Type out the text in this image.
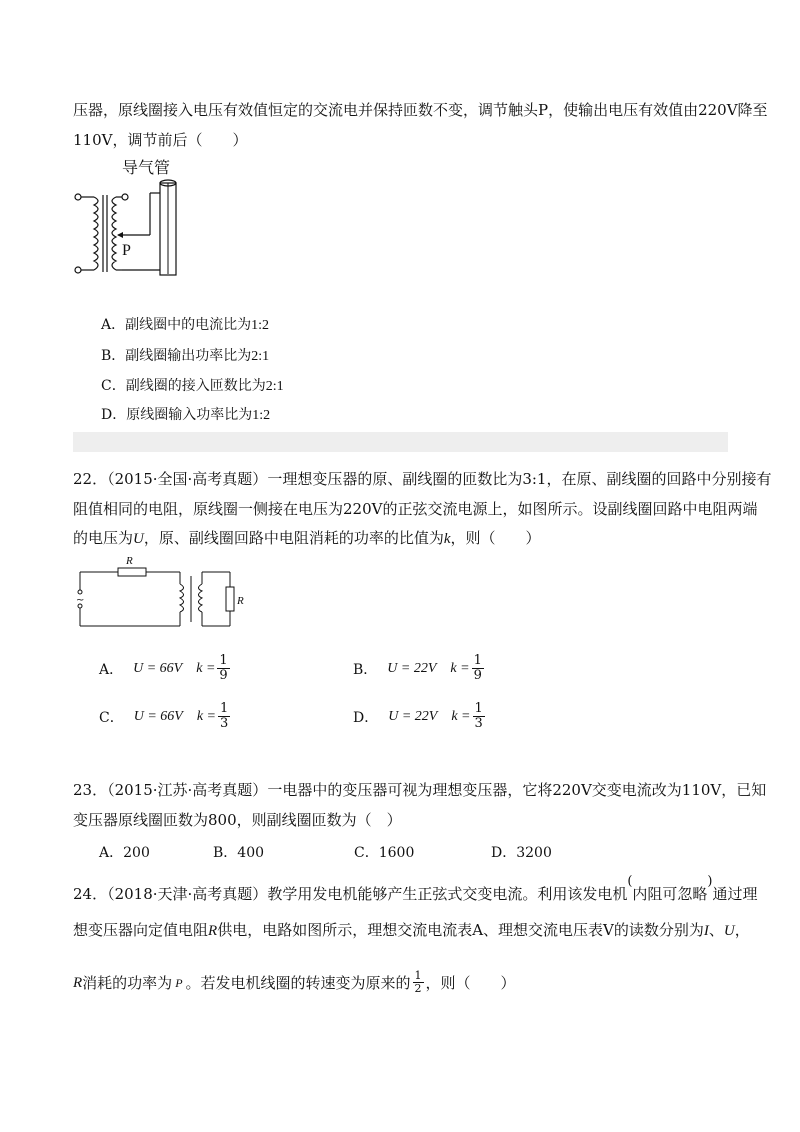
压器，原线圈接入电压有效值恒定的交流电并保持匝数不变，调节触头P，使输出电压有效值由220V降至
110V，调节前后（　　）
导气管
P
A．副线圈中的电流比为1:2
B．副线圈输出功率比为2:1
C．副线圈的接入匝数比为2:1
D．原线圈输入功率比为1:2
22．（2015·全国·高考真题）一理想变压器的原、副线圈的匝数比为3:1，在原、副线圈的回路中分别接有
阻值相同的电阻，原线圈一侧接在电压为220V的正弦交流电源上，如图所示。设副线圈回路中电阻两端
的电压为U，原、副线圈回路中电阻消耗的功率的比值为k，则（　　）
R
~	R
A． U = 66V $k = \frac{1}{9}$	B． U = 22V $k = \frac{1}{9}$
C． U = 66V $k = \frac{1}{3}$	D． U = 22V $k = \frac{1}{3}$
23．（2015·江苏·高考真题）一电器中的变压器可视为理想变压器，它将220V交变电流改为110V，已知
变压器原线圈匝数为800，则副线圈匝数为（　）
A．200	B．400	C．1600	D．3200
24．（2018·天津·高考真题）教学用发电机能够产生正弦式交变电流。利用该发电机(内阻可忽略)通过理
想变压器向定值电阻R供电，电路如图所示，理想交流电流表A、理想交流电压表V的读数分别为I、U，
R 消耗的功率为 P 。若发电机线圈的转速变为原来的 $\frac{1}{2}$ ，则（　　）
